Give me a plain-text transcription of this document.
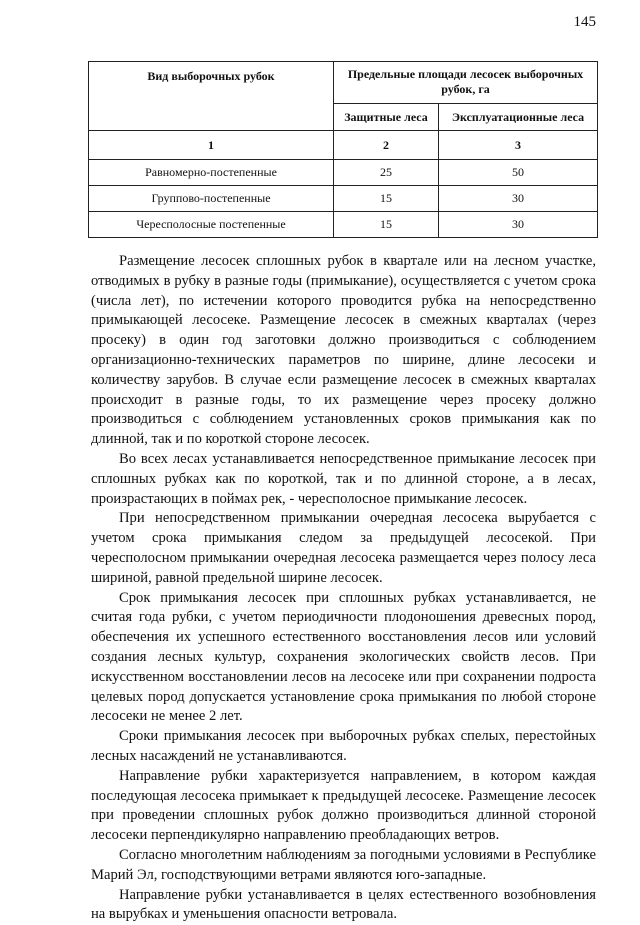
145
Вид выборочных рубок	Предельные площади лесосек выборочных рубок, га	
	Защитные леса	Эксплуатационные леса
1	2	3
Равномерно-постепенные	25	50
Группово-постепенные	15	30
Чересполосные постепенные	15	30

Размещение лесосек сплошных рубок в квартале или на лесном участке, отводимых в рубку в разные годы (примыкание), осуществляется с учетом срока (числа лет), по истечении которого проводится рубка на непосредственно примыкающей лесосеке. Размещение лесосек в смежных кварталах (через просеку) в один год заготовки должно производиться с соблюдением организационно-технических параметров по ширине, длине лесосеки и количеству зарубов. В случае если размещение лесосек в смежных кварталах происходит в разные годы, то их размещение через просеку должно производиться с соблюдением установленных сроков примыкания как по длинной, так и по короткой стороне лесосек.

Во всех лесах устанавливается непосредственное примыкание лесосек при сплошных рубках как по короткой, так и по длинной стороне, а в лесах, произрастающих в поймах рек, - чересполосное примыкание лесосек.

При непосредственном примыкании очередная лесосека вырубается с учетом срока примыкания следом за предыдущей лесосекой. При чересполосном примыкании очередная лесосека размещается через полосу леса шириной, равной предельной ширине лесосек.

Срок примыкания лесосек при сплошных рубках устанавливается, не считая года рубки, с учетом периодичности плодоношения древесных пород, обеспечения их успешного естественного восстановления лесов или условий создания лесных культур, сохранения экологических свойств лесов. При искусственном восстановлении лесов на лесосеке или при сохранении подроста целевых пород допускается установление срока примыкания по любой стороне лесосеки не менее 2 лет.

Сроки примыкания лесосек при выборочных рубках спелых, перестойных лесных насаждений не устанавливаются.

Направление рубки характеризуется направлением, в котором каждая последующая лесосека примыкает к предыдущей лесосеке. Размещение лесосек при проведении сплошных рубок должно производиться длинной стороной лесосеки перпендикулярно направлению преобладающих ветров.

Согласно многолетним наблюдениям за погодными условиями в Республике Марий Эл, господствующими ветрами являются юго-западные.

Направление рубки устанавливается в целях естественного возобновления на вырубках и уменьшения опасности ветровала.
